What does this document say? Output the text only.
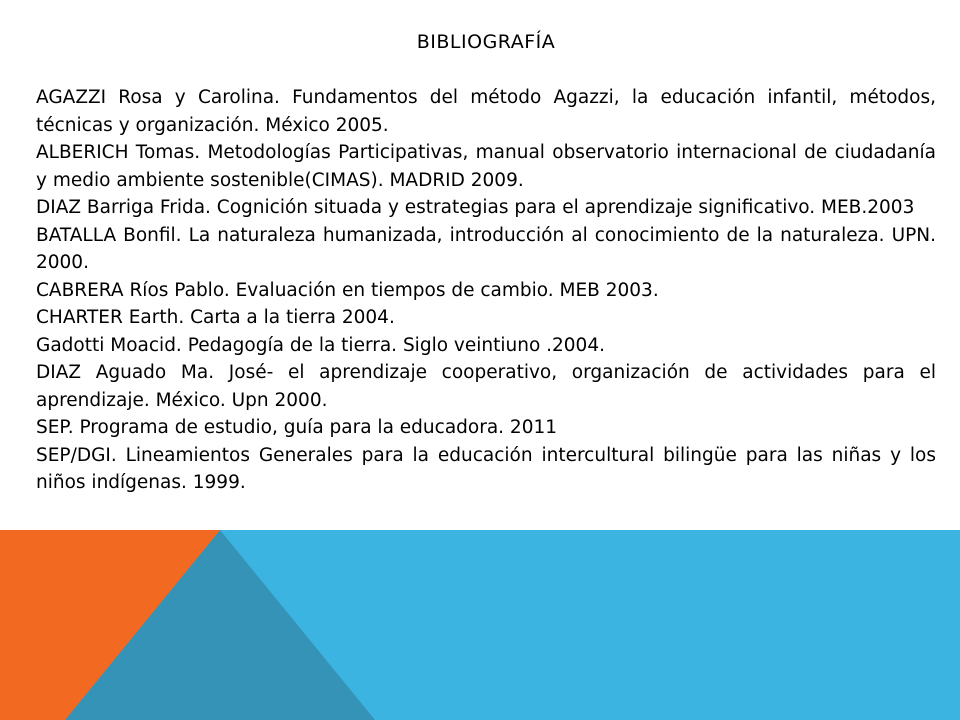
BIBLIOGRAFÍA

AGAZZI Rosa y Carolina. Fundamentos del método Agazzi, la educación infantil, métodos, técnicas y organización. México 2005.

ALBERICH Tomas. Metodologías Participativas, manual observatorio internacional de ciudadanía y medio ambiente sostenible(CIMAS). MADRID 2009.

DIAZ Barriga Frida. Cognición situada y estrategias para el aprendizaje significativo. MEB.2003

BATALLA Bonfil. La naturaleza humanizada, introducción al conocimiento de la naturaleza. UPN. 2000.

CABRERA Ríos Pablo. Evaluación en tiempos de cambio. MEB 2003.

CHARTER Earth. Carta a la tierra 2004.

Gadotti Moacid. Pedagogía de la tierra. Siglo veintiuno .2004.

DIAZ Aguado Ma. José- el aprendizaje cooperativo, organización de actividades para el aprendizaje. México. Upn 2000.

SEP. Programa de estudio, guía para la educadora. 2011

SEP/DGI. Lineamientos Generales para la educación intercultural bilingüe para las niñas y los niños indígenas. 1999.
